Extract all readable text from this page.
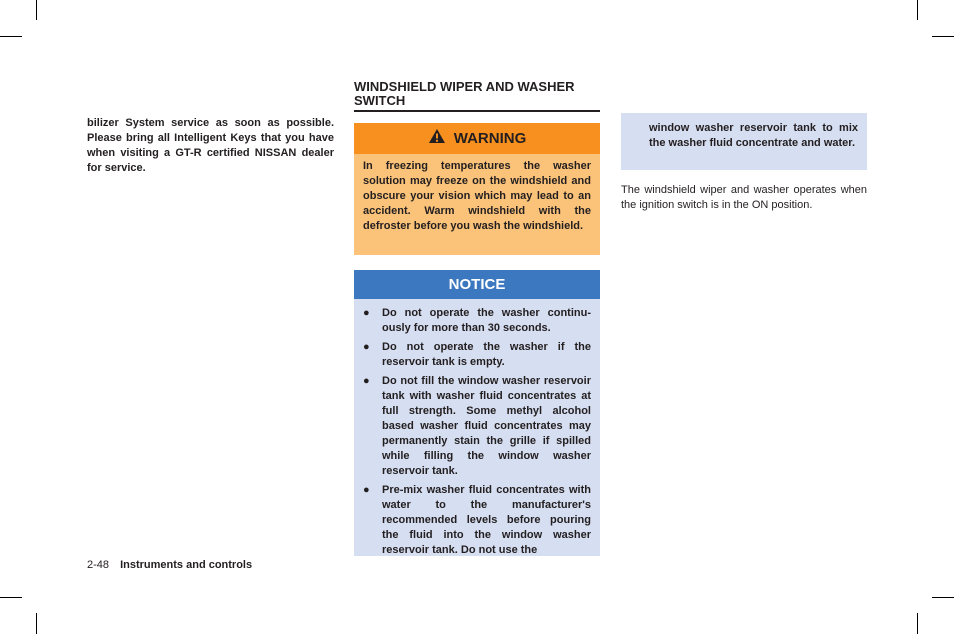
bilizer System service as soon as possible. Please bring all Intelligent Keys that you have when visiting a GT-R certified NISSAN dealer for service.

WINDSHIELD WIPER AND WASHER SWITCH
WARNING

In freezing temperatures the washer solution may freeze on the windshield and obscure your vision which may lead to an accident. Warm windshield with the defroster before you wash the windshield.

NOTICE
● Do not operate the washer continu-ously for more than 30 seconds.

● Do not operate the washer if the reservoir tank is empty.

● Do not fill the window washer reservoir tank with washer fluid concentrates at full strength. Some methyl alcohol based washer fluid concentrates may permanently stain the grille if spilled while filling the window washer reservoir tank.

● Pre-mix washer fluid concentrates with water to the manufacturer's recommended levels before pouring the fluid into the window washer reservoir tank. Do not use the

window washer reservoir tank to mix the washer fluid concentrate and water.

The windshield wiper and washer operates when the ignition switch is in the ON position.

2-48 Instruments and controls
